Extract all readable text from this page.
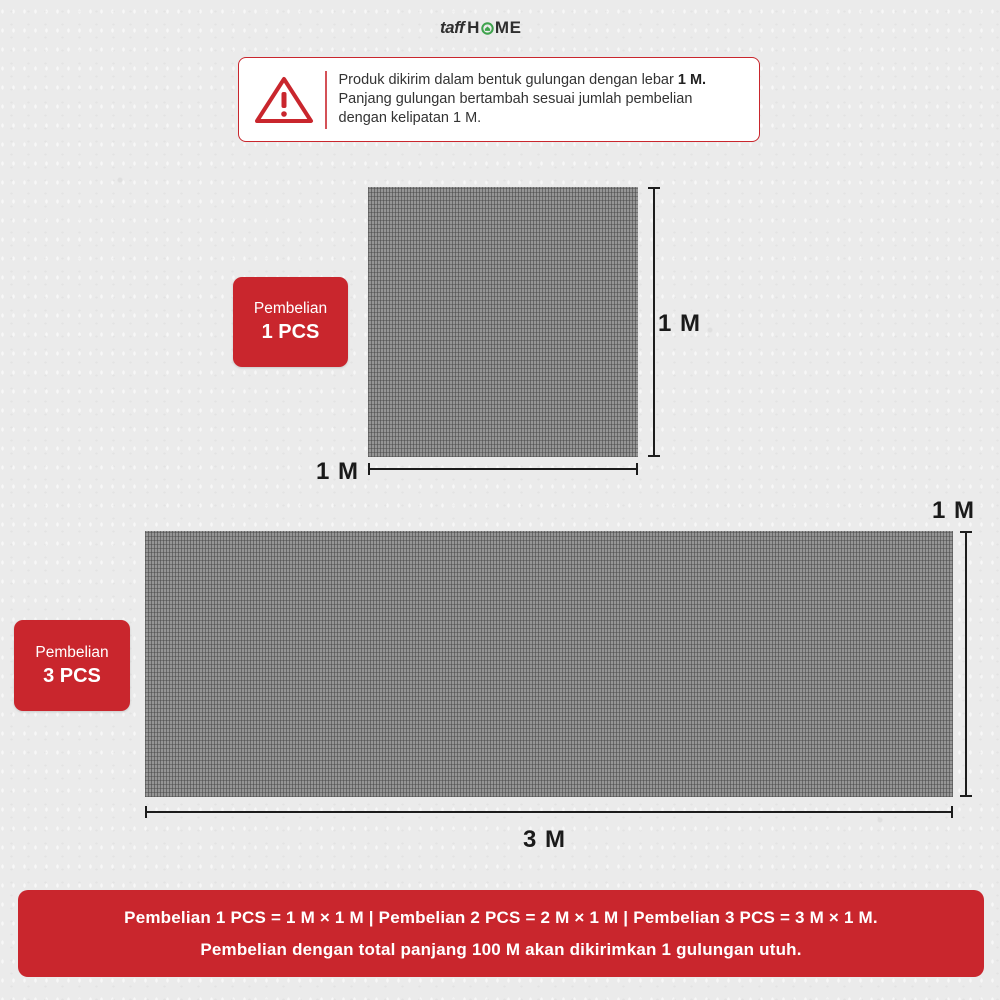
taff H ME
Produk dikirim dalam bentuk gulungan dengan lebar 1 M.
Panjang gulungan bertambah sesuai jumlah pembelian
dengan kelipatan 1 M.
Pembelian
1 PCS	1 M
1 M
Pembelian
3 PCS
1 M
3 M
Pembelian 1 PCS = 1 M × 1 M | Pembelian 2 PCS = 2 M × 1 M | Pembelian 3 PCS = 3 M × 1 M.
Pembelian dengan total panjang 100 M akan dikirimkan 1 gulungan utuh.
